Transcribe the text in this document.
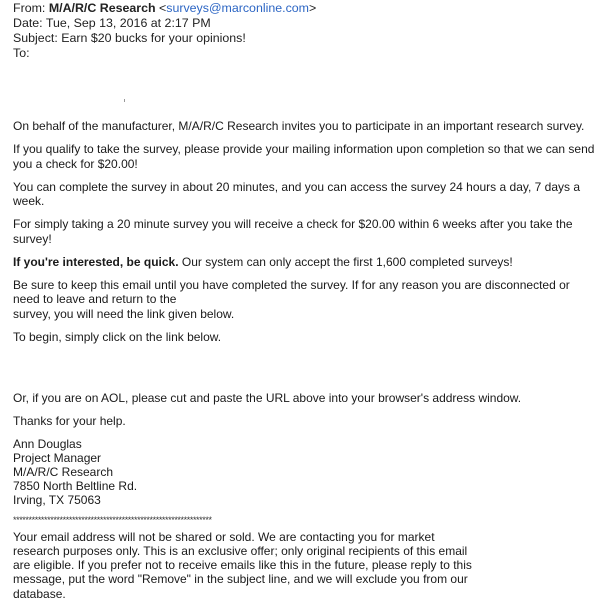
From: M/A/R/C Research <surveys@marconline.com>
Date: Tue, Sep 13, 2016 at 2:17 PM
Subject: Earn $20 bucks for your opinions!
To:

On behalf of the manufacturer, M/A/R/C Research invites you to participate in an important research survey.

If you qualify to take the survey, please provide your mailing information upon completion so that we can send you a check for $20.00!

You can complete the survey in about 20 minutes, and you can access the survey 24 hours a day, 7 days a week.

For simply taking a 20 minute survey you will receive a check for $20.00 within 6 weeks after you take the survey!

If you're interested, be quick. Our system can only accept the first 1,600 completed surveys!

Be sure to keep this email until you have completed the survey. If for any reason you are disconnected or need to leave and return to the
survey, you will need the link given below.

To begin, simply click on the link below.

Or, if you are on AOL, please cut and paste the URL above into your browser's address window.

Thanks for your help.

Ann Douglas
Project Manager
M/A/R/C Research
7850 North Beltline Rd.
Irving, TX 75063
****************************************************************
Your email address will not be shared or sold. We are contacting you for market research purposes only. This is an exclusive offer; only original recipients of this email are eligible. If you prefer not to receive emails like this in the future, please reply to this message, put the word "Remove" in the subject line, and we will exclude you from our database.
